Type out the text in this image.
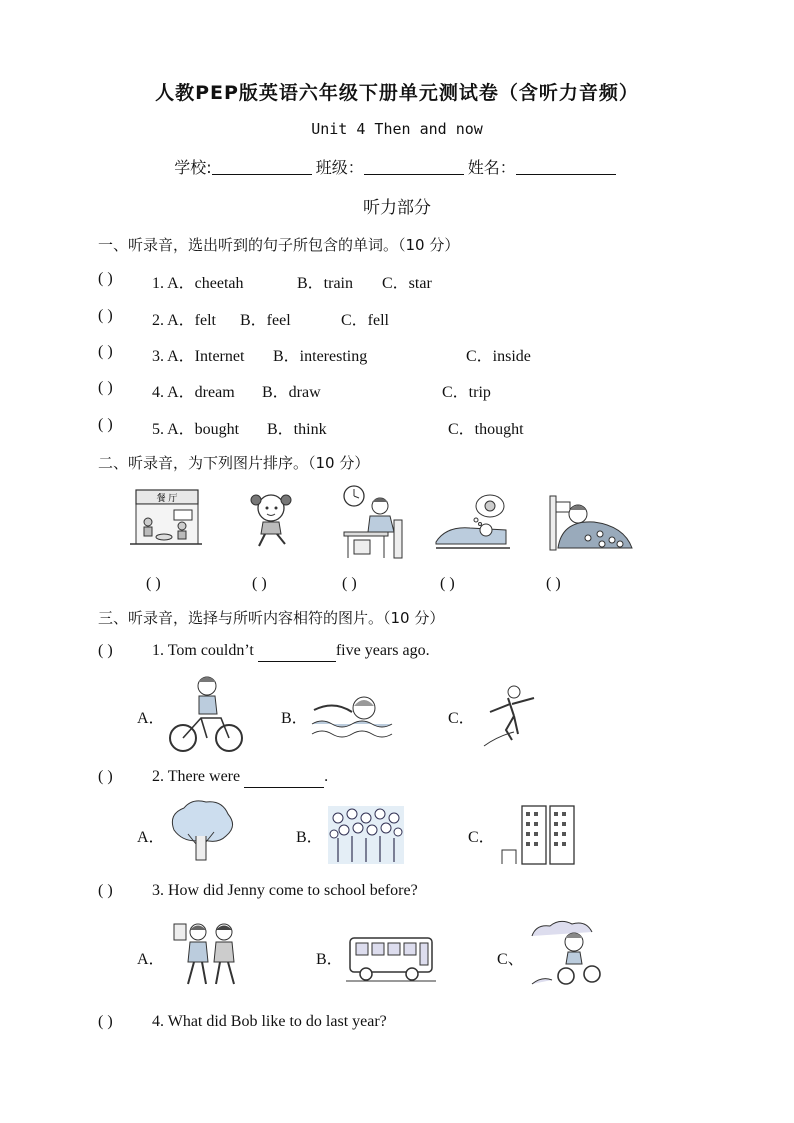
人教PEP版英语六年级下册单元测试卷（含听力音频）
Unit 4 Then and now
学校:	班级：	姓名：
听力部分
一、听录音，选出听到的句子所包含的单词。（10 分）
( ) 1. A．cheetah	B．train C．star
( ) 2. A．felt B．feel	C．fell
( ) 3. A．Internet B．interesting	C．inside
( ) 4. A．dream B．draw	C．trip
( ) 5. A．bought B．think	C．thought
二、听录音，为下列图片排序。（10 分）
餐 厅
( )	( )	( )	( )	( )
三、听录音，选择与所听内容相符的图片。（10 分）
( ) 1. Tom couldn’t	five years ago.
A．	B．	C．
( ) 2. There were	.
A．	B．	C．
( ) 3. How did Jenny come to school before?
A．	B．	C、
( ) 4. What did Bob like to do last year?
